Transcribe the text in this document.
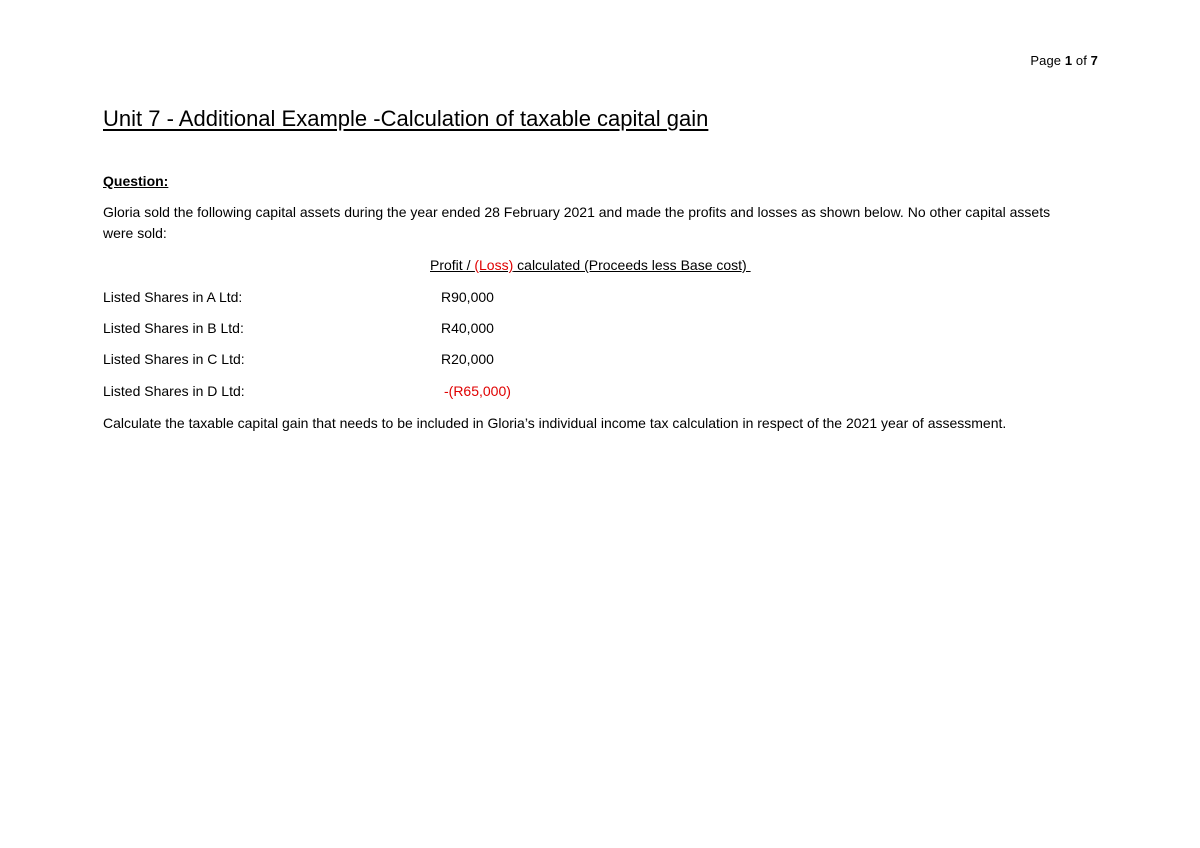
Page 1 of 7
Unit 7 - Additional Example -Calculation of taxable capital gain
Question:

Gloria sold the following capital assets during the year ended 28 February 2021 and made the profits and losses as shown below. No other capital assets were sold:

Profit / (Loss) calculated (Proceeds less Base cost)
Listed Shares in A Ltd:	R90,000
Listed Shares in B Ltd:	R40,000
Listed Shares in C Ltd:	R20,000
Listed Shares in D Ltd:	-(R65,000)

Calculate the taxable capital gain that needs to be included in Gloria’s individual income tax calculation in respect of the 2021 year of assessment.
